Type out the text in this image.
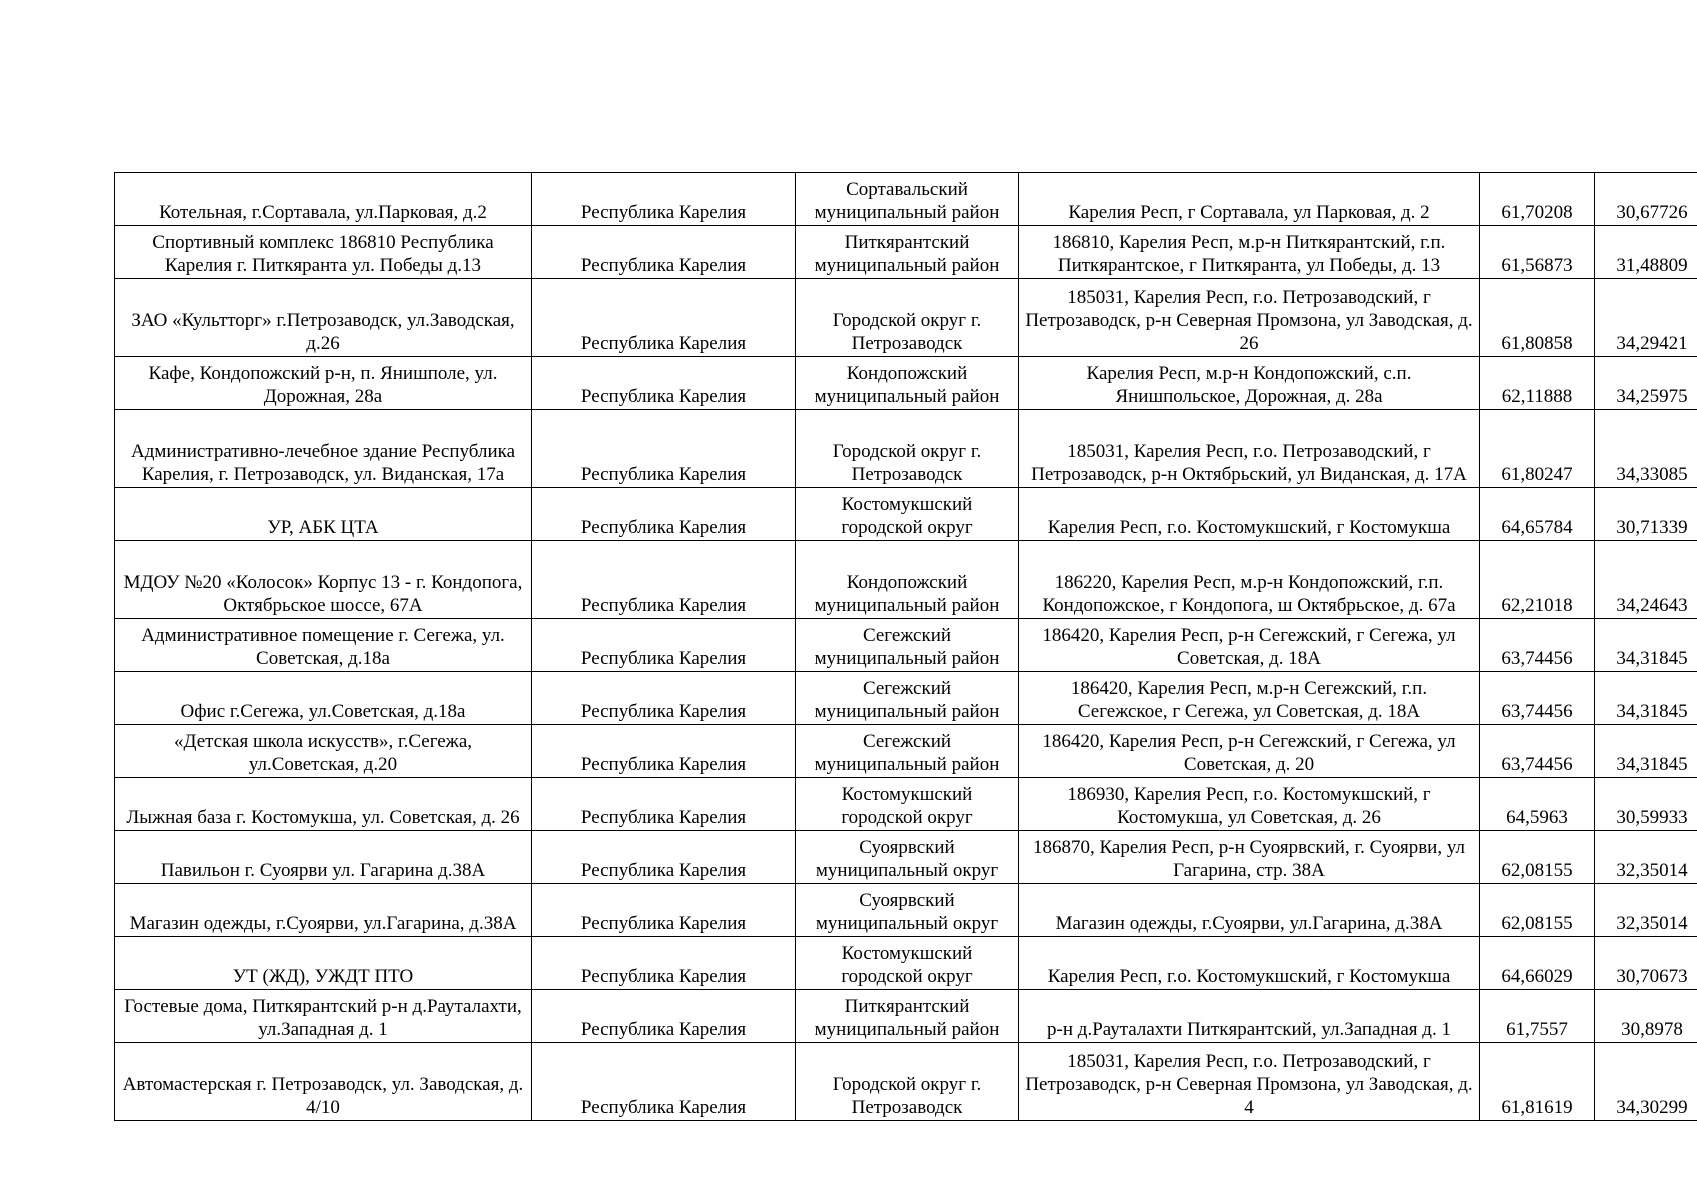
Котельная, г.Сортавала, ул.Парковая, д.2	Республика Карелия	Сортавальский муниципальный район	Карелия Респ, г Сортавала, ул Парковая, д. 2	61,70208	30,67726
Спортивный комплекс 186810 Республика Карелия г. Питкяранта ул. Победы д.13	Республика Карелия	Питкярантский муниципальный район	186810, Карелия Респ, м.р-н Питкярантский, г.п. Питкярантское, г Питкяранта, ул Победы, д. 13	61,56873	31,48809
ЗАО «Культторг» г.Петрозаводск, ул.Заводская, д.26	Республика Карелия	Городской округ г. Петрозаводск	185031, Карелия Респ, г.о. Петрозаводский, г Петрозаводск, р-н Северная Промзона, ул Заводская, д. 26	61,80858	34,29421
Кафе, Кондопожский р-н, п. Янишполе, ул. Дорожная, 28а	Республика Карелия	Кондопожский муниципальный район	Карелия Респ, м.р-н Кондопожский, с.п. Янишпольское, Дорожная, д. 28а	62,11888	34,25975
Административно-лечебное здание Республика Карелия, г. Петрозаводск, ул. Виданская, 17а	Республика Карелия	Городской округ г. Петрозаводск	185031, Карелия Респ, г.о. Петрозаводский, г Петрозаводск, р-н Октябрьский, ул Виданская, д. 17А	61,80247	34,33085
УР, АБК ЦТА	Республика Карелия	Костомукшский городской округ	Карелия Респ, г.о. Костомукшский, г Костомукша	64,65784	30,71339
МДОУ №20 «Колосок» Корпус 13 - г. Кондопога, Октябрьское шоссе, 67А	Республика Карелия	Кондопожский муниципальный район	186220, Карелия Респ, м.р-н Кондопожский, г.п. Кондопожское, г Кондопога, ш Октябрьское, д. 67а	62,21018	34,24643
Административное помещение г. Сегежа, ул. Советская, д.18а	Республика Карелия	Сегежский муниципальный район	186420, Карелия Респ, р-н Сегежский, г Сегежа, ул Советская, д. 18А	63,74456	34,31845
Офис г.Сегежа, ул.Советская, д.18а	Республика Карелия	Сегежский муниципальный район	186420, Карелия Респ, м.р-н Сегежский, г.п. Сегежское, г Сегежа, ул Советская, д. 18А	63,74456	34,31845
«Детская школа искусств», г.Сегежа, ул.Советская, д.20	Республика Карелия	Сегежский муниципальный район	186420, Карелия Респ, р-н Сегежский, г Сегежа, ул Советская, д. 20	63,74456	34,31845
Лыжная база г. Костомукша, ул. Советская, д. 26	Республика Карелия	Костомукшский городской округ	186930, Карелия Респ, г.о. Костомукшский, г Костомукша, ул Советская, д. 26	64,5963	30,59933
Павильон г. Суоярви ул. Гагарина д.38А	Республика Карелия	Суоярвский муниципальный округ	186870, Карелия Респ, р-н Суоярвский, г. Суоярви, ул Гагарина, стр. 38А	62,08155	32,35014
Магазин одежды, г.Суоярви, ул.Гагарина, д.38А	Республика Карелия	Суоярвский муниципальный округ	Магазин одежды, г.Суоярви, ул.Гагарина, д.38А	62,08155	32,35014
УТ (ЖД), УЖДТ ПТО	Республика Карелия	Костомукшский городской округ	Карелия Респ, г.о. Костомукшский, г Костомукша	64,66029	30,70673
Гостевые дома, Питкярантский р-н д.Рауталахти, ул.Западная д. 1	Республика Карелия	Питкярантский муниципальный район	р-н д.Рауталахти Питкярантский, ул.Западная д. 1	61,7557	30,8978
Автомастерская г. Петрозаводск, ул. Заводская, д. 4/10	Республика Карелия	Городской округ г. Петрозаводск	185031, Карелия Респ, г.о. Петрозаводский, г Петрозаводск, р-н Северная Промзона, ул Заводская, д. 4	61,81619	34,30299
